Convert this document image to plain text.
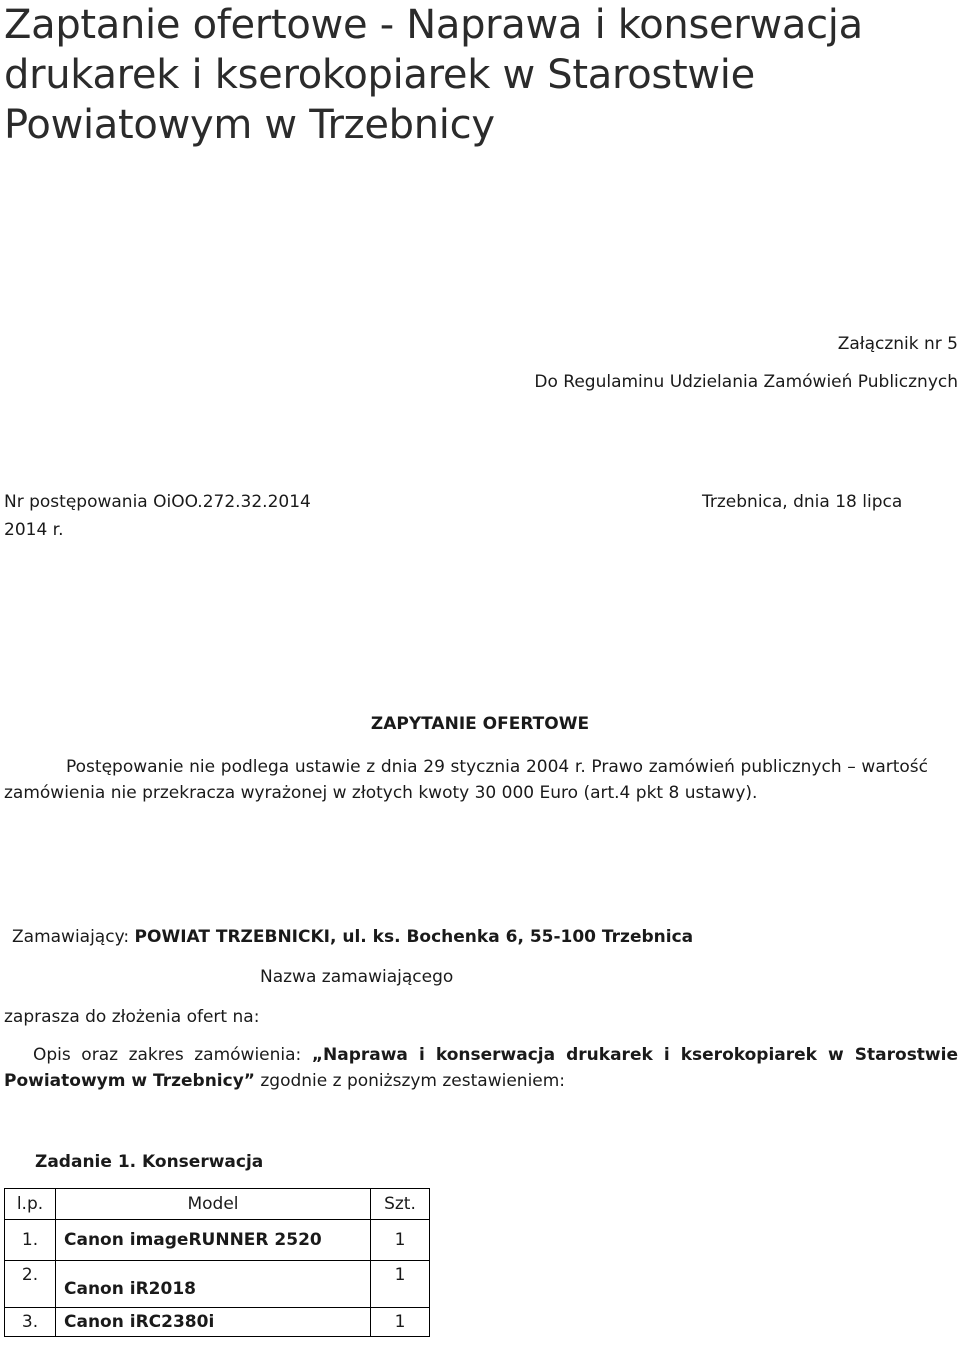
Zaptanie ofertowe - Naprawa i konserwacja drukarek i kserokopiarek w Starostwie Powiatowym w Trzebnicy
Załącznik nr 5
Do Regulaminu Udzielania Zamówień Publicznych
Nr postępowania OiOO.272.32.2014	Trzebnica, dnia 18 lipca
2014 r.
ZAPYTANIE OFERTOWE

Postępowanie nie podlega ustawie z dnia 29 stycznia 2004 r. Prawo zamówień publicznych – wartość zamówienia nie przekracza wyrażonej w złotych kwoty 30 000 Euro (art.4 pkt 8 ustawy).

Zamawiający: POWIAT TRZEBNICKI, ul. ks. Bochenka 6, 55-100 Trzebnica
Nazwa zamawiającego
zaprasza do złożenia ofert na:

Opis oraz zakres zamówienia: „Naprawa i konserwacja drukarek i kserokopiarek w Starostwie Powiatowym w Trzebnicy” zgodnie z poniższym zestawieniem:

Zadanie 1. Konserwacja
l.p.	Model	Szt.
1.	Canon imageRUNNER 2520	1
2.	Canon iR2018	1
3.	Canon iRC2380i	1
